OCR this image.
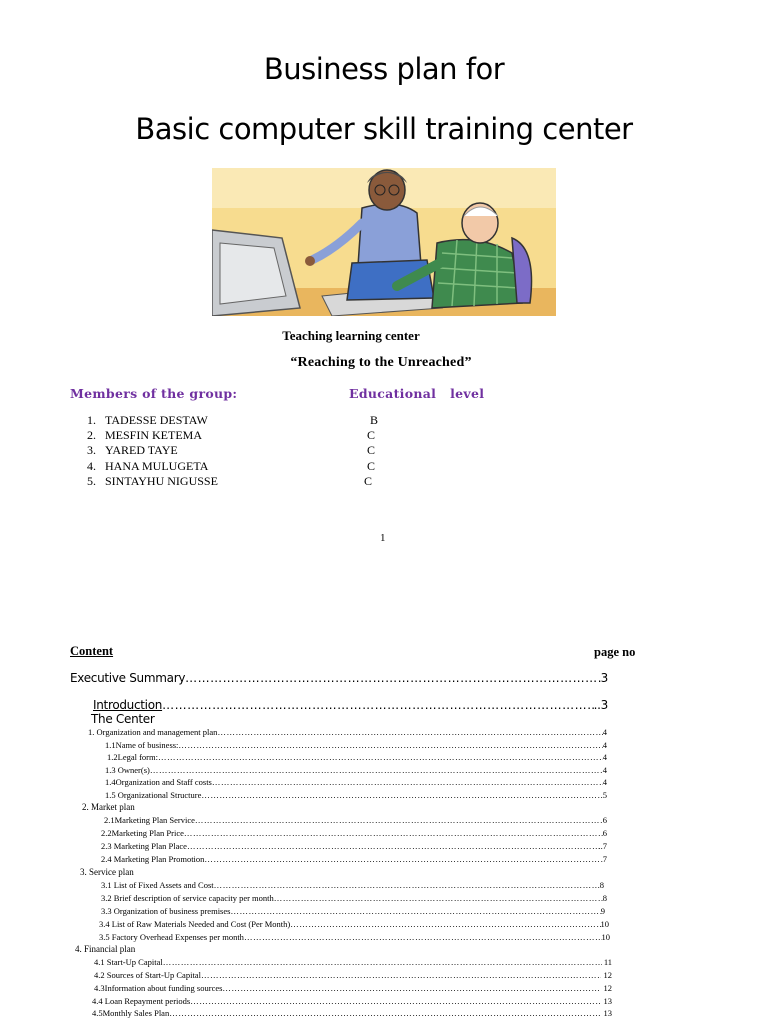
Business plan for
Basic computer skill training center
Teaching learning center
“Reaching to the Unreached”
Members of the group:	Educational   level
1. TADESSE DESTAW	B
2. MESFIN KETEMA	C
3. YARED TAYE	C
4. HANA MULUGETA	C
5. SINTAYHU NIGUSSE	C
1
Content	page no
Executive Summary ……………………………………………………………………………………………………………………………………………………………………………………………………………………………………………………	3
Introduction ……………………………………………………………………………………………………………………………………………………………………………………………………………………………………………………	..3
The Center
1. Organization and management plan ……………………………………………………………………………………………………………………………………………………………………………………………………………………………………………………	4
1.1Name of business: ……………………………………………………………………………………………………………………………………………………………………………………………………………………………………………………	4
1.2Legal form: ……………………………………………………………………………………………………………………………………………………………………………………………………………………………………………………	4
1.3 Owner(s) ……………………………………………………………………………………………………………………………………………………………………………………………………………………………………………………	4
1.4Organization and Staff costs ……………………………………………………………………………………………………………………………………………………………………………………………………………………………………………………	4
1.5 Organizational Structure ……………………………………………………………………………………………………………………………………………………………………………………………………………………………………………………	5
2. Market plan
2.1Marketing Plan Service ……………………………………………………………………………………………………………………………………………………………………………………………………………………………………………………	6
2.2Marketing Plan Price ……………………………………………………………………………………………………………………………………………………………………………………………………………………………………………………	6
2.3 Marketing Plan Place ……………………………………………………………………………………………………………………………………………………………………………………………………………………………………………………	..7
2.4 Marketing Plan Promotion ……………………………………………………………………………………………………………………………………………………………………………………………………………………………………………………	7
3. Service plan
3.1 List of Fixed Assets and Cost ……………………………………………………………………………………………………………………………………………………………………………………………………………………………………………………	8
3.2 Brief description of service capacity per month ……………………………………………………………………………………………………………………………………………………………………………………………………………………………………………………	8
3.3 Organization of business premises ……………………………………………………………………………………………………………………………………………………………………………………………………………………………………………………	9
3.4 List of Raw Materials Needed and Cost (Per Month) ……………………………………………………………………………………………………………………………………………………………………………………………………………………………………………………	10
3.5 Factory Overhead Expenses per month ……………………………………………………………………………………………………………………………………………………………………………………………………………………………………………………	10
4. Financial plan
4.1 Start-Up Capital ……………………………………………………………………………………………………………………………………………………………………………………………………………………………………………………	11
4.2 Sources of Start-Up Capital ……………………………………………………………………………………………………………………………………………………………………………………………………………………………………………………	12
4.3Information about funding sources ……………………………………………………………………………………………………………………………………………………………………………………………………………………………………………………	12
4.4 Loan Repayment periods ……………………………………………………………………………………………………………………………………………………………………………………………………………………………………………………	13
4.5Monthly Sales Plan ……………………………………………………………………………………………………………………………………………………………………………………………………………………………………………………	13
